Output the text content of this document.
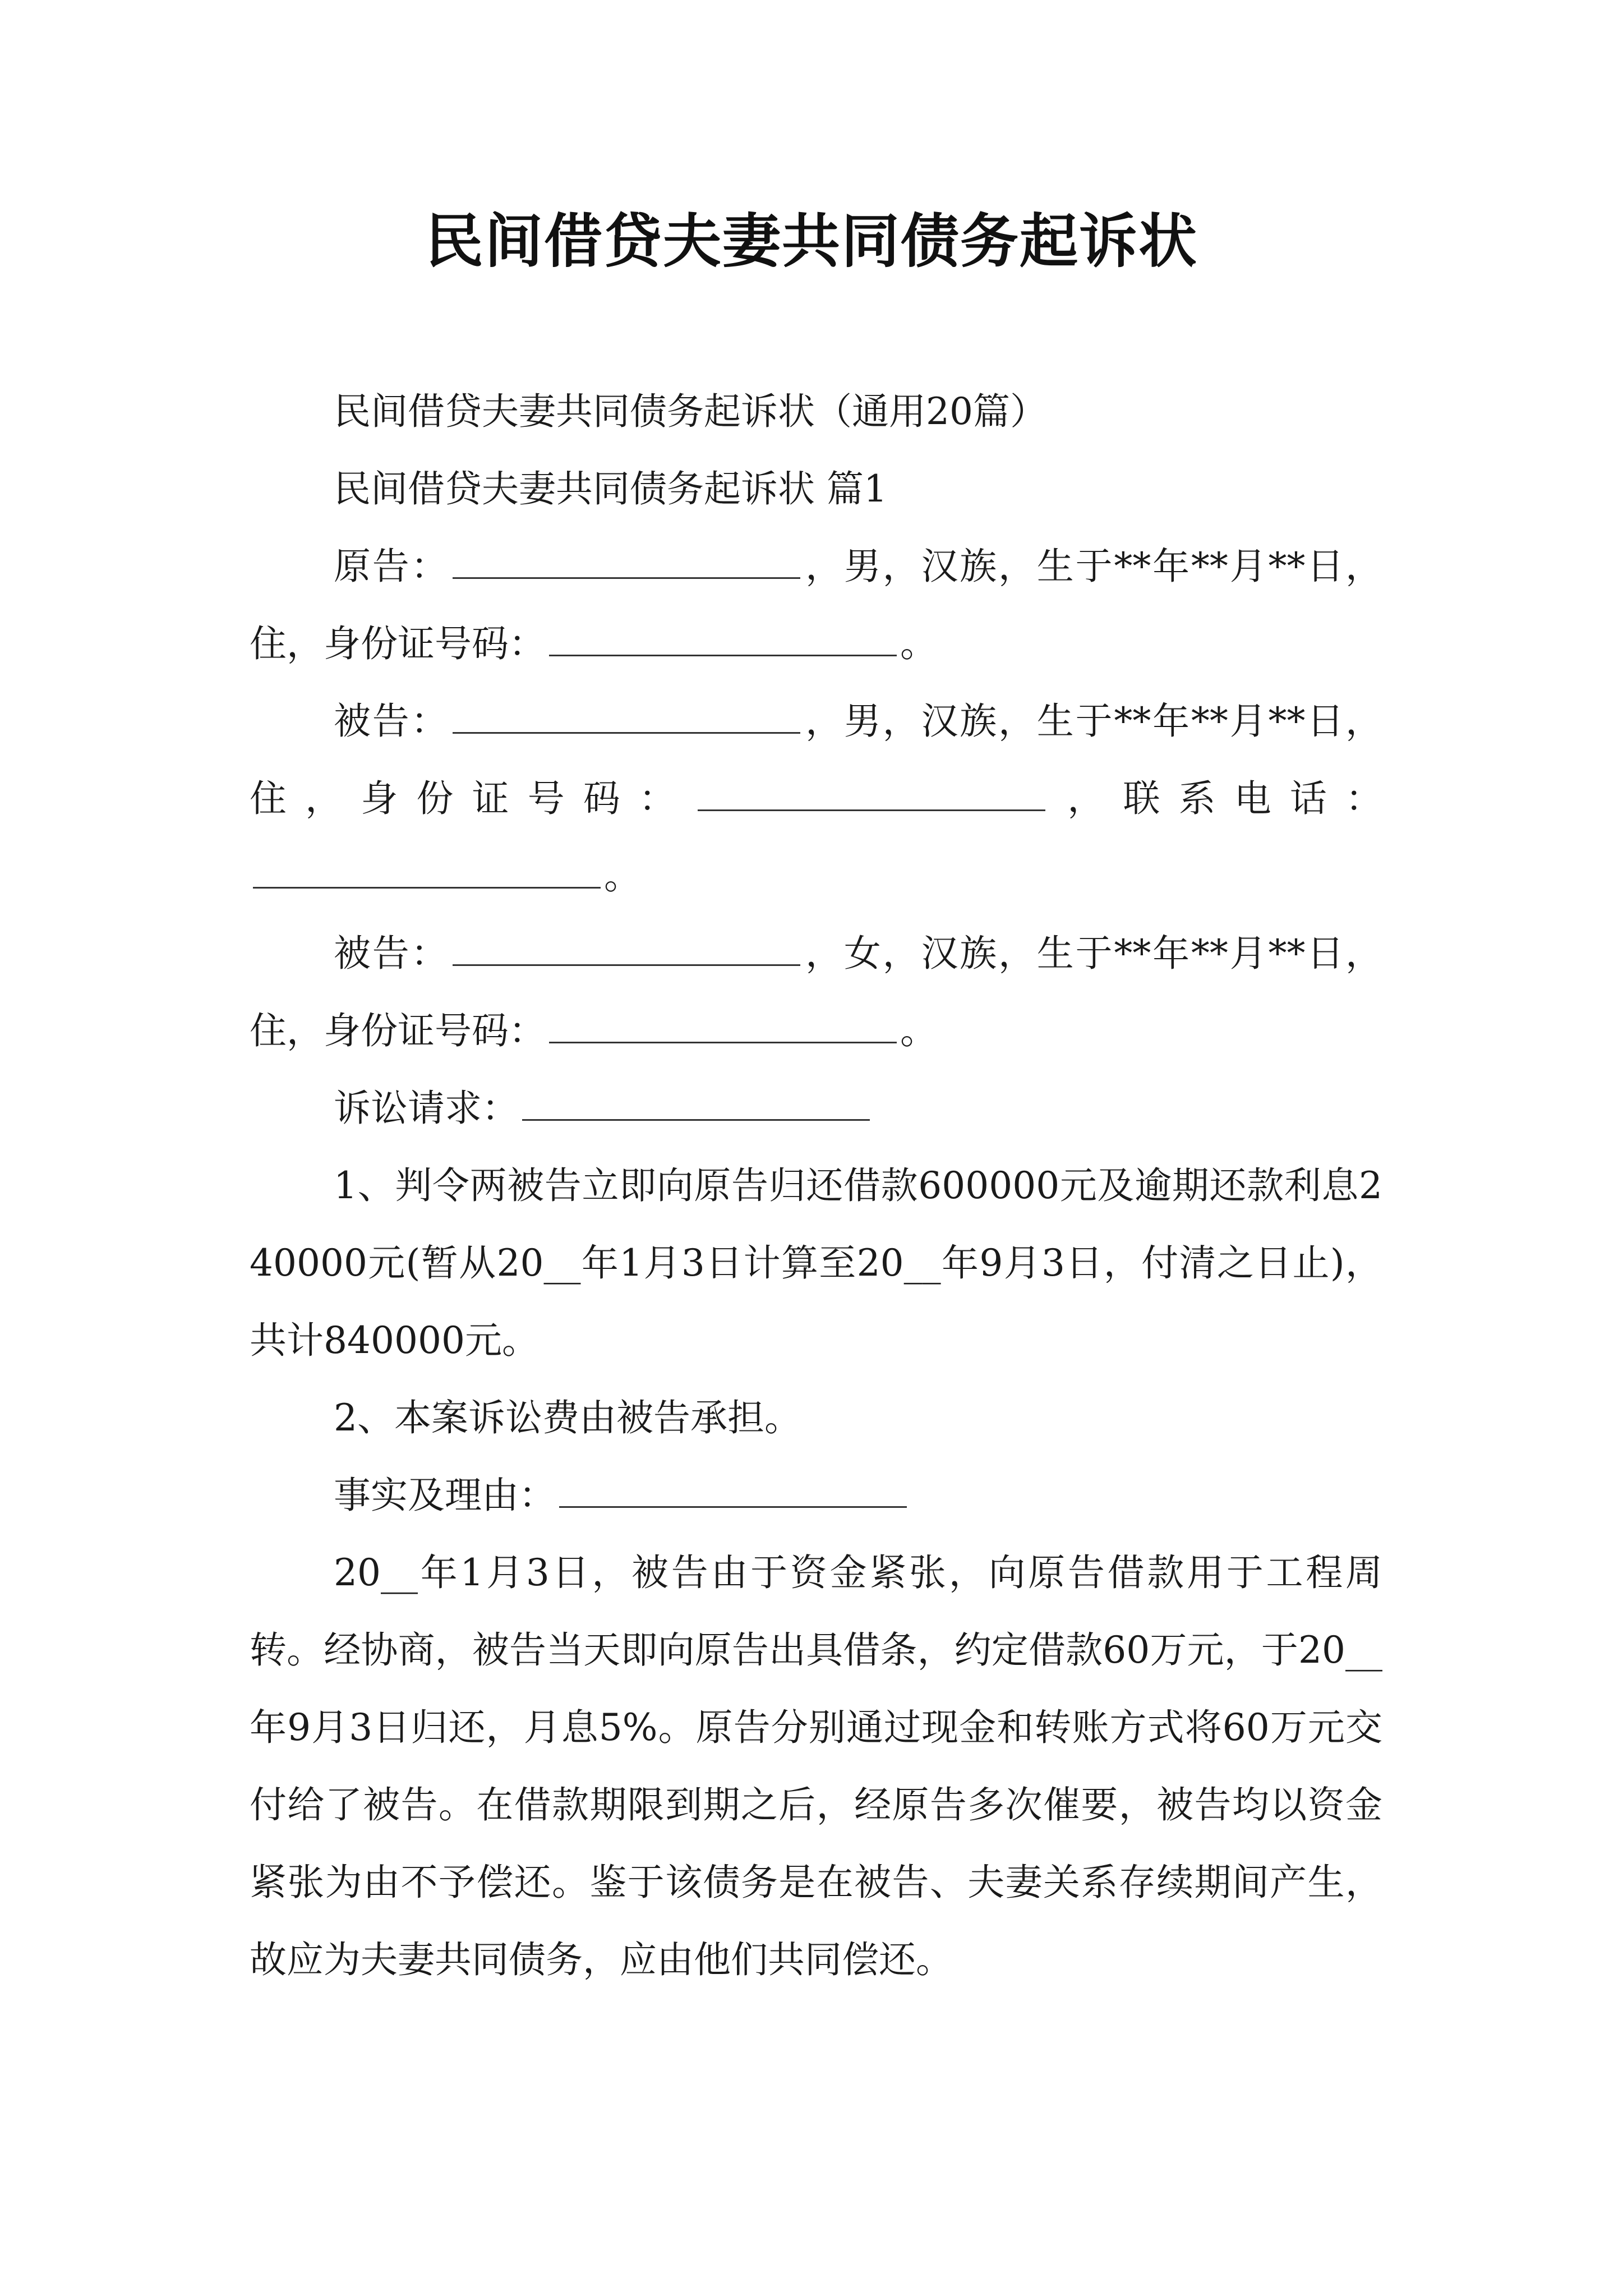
民间借贷夫妻共同债务起诉状

民间借贷夫妻共同债务起诉状（通用20篇）

民间借贷夫妻共同债务起诉状 篇1

原告：	，男，汉族，生于**年**月**日，住，身份证号码：	。

被告：	，男，汉族，生于**年**月**日，住，身份证号码：	，联系电话：。

被告：	，女，汉族，生于**年**月**日，住，身份证号码：	。

诉讼请求：

1、判令两被告立即向原告归还借款600000元及逾期还款利息240000元(暂从20__年1月3日计算至20__年9月3日，付清之日止)，共计840000元。

2、本案诉讼费由被告承担。

事实及理由：

20__年1月3日，被告由于资金紧张，向原告借款用于工程周转。经协商，被告当天即向原告出具借条，约定借款60万元，于20__年9月3日归还，月息5%。原告分别通过现金和转账方式将60万元交付给了被告。在借款期限到期之后，经原告多次催要，被告均以资金紧张为由不予偿还。鉴于该债务是在被告、夫妻关系存续期间产生，故应为夫妻共同债务，应由他们共同偿还。
